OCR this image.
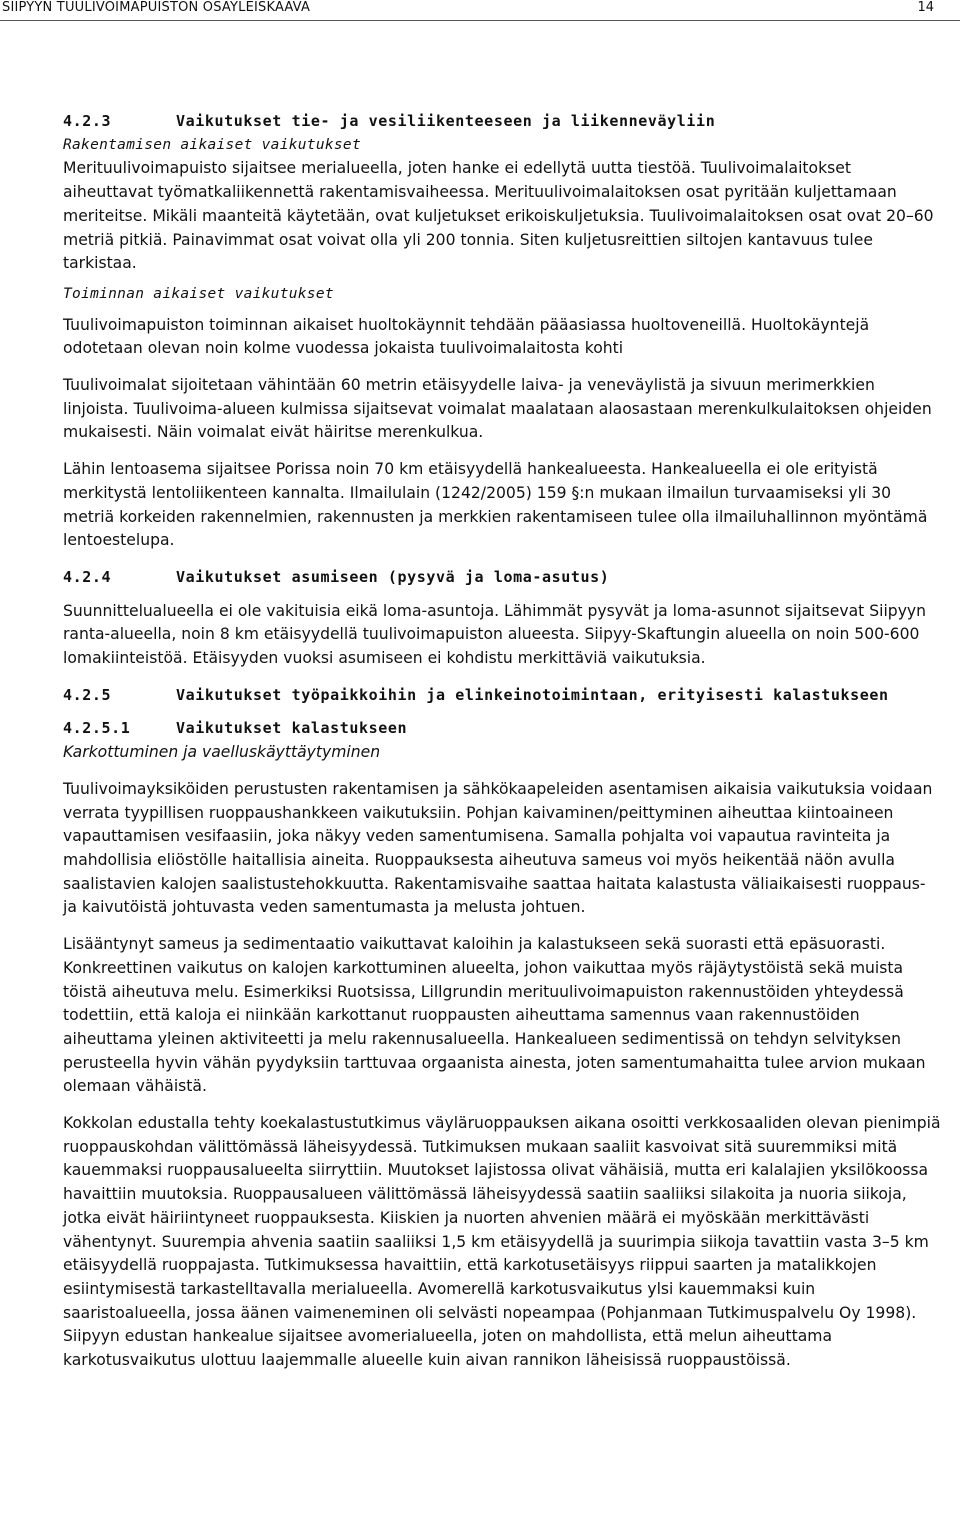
SIIPYYN TUULIVOIMAPUISTON OSAYLEISKAAVA	14
4.2.3	Vaikutukset tie- ja vesiliikenteeseen ja liikenneväyliin
Rakentamisen aikaiset vaikutukset

Merituulivoimapuisto sijaitsee merialueella, joten hanke ei edellytä uutta tiestöä. Tuulivoimalaitokset aiheuttavat työmatkaliikennettä rakentamisvaiheessa. Merituulivoimalaitoksen osat pyritään kuljettamaan meriteitse. Mikäli maanteitä käytetään, ovat kuljetukset erikoiskuljetuksia. Tuulivoimalaitoksen osat ovat 20–60 metriä pitkiä. Painavimmat osat voivat olla yli 200 tonnia. Siten kuljetusreittien siltojen kantavuus tulee tarkistaa.

Toiminnan aikaiset vaikutukset

Tuulivoimapuiston toiminnan aikaiset huoltokäynnit tehdään pääasiassa huoltoveneillä. Huoltokäyntejä odotetaan olevan noin kolme vuodessa jokaista tuulivoimalaitosta kohti

Tuulivoimalat sijoitetaan vähintään 60 metrin etäisyydelle laiva- ja veneväylistä ja sivuun merimerkkien linjoista. Tuulivoima-alueen kulmissa sijaitsevat voimalat maalataan alaosastaan merenkulkulaitoksen ohjeiden mukaisesti. Näin voimalat eivät häiritse merenkulkua.

Lähin lentoasema sijaitsee Porissa noin 70 km etäisyydellä hankealueesta. Hankealueella ei ole erityistä merkitystä lentoliikenteen kannalta. Ilmailulain (1242/2005) 159 §:n mukaan ilmailun turvaamiseksi yli 30 metriä korkeiden rakennelmien, rakennusten ja merkkien rakentamiseen tulee olla ilmailuhallinnon myöntämä lentoestelupa.

4.2.4	Vaikutukset asumiseen (pysyvä ja loma-asutus)

Suunnittelualueella ei ole vakituisia eikä loma-asuntoja. Lähimmät pysyvät ja loma-asunnot sijaitsevat Siipyyn ranta-alueella, noin 8 km etäisyydellä tuulivoimapuiston alueesta. Siipyy-Skaftungin alueella on noin 500-600 lomakiinteistöä. Etäisyyden vuoksi asumiseen ei kohdistu merkittäviä vaikutuksia.

4.2.5	Vaikutukset työpaikkoihin ja elinkeinotoimintaan, erityisesti kalastukseen
4.2.5.1	Vaikutukset kalastukseen
Karkottuminen ja vaelluskäyttäytyminen

Tuulivoimayksiköiden perustusten rakentamisen ja sähkökaapeleiden asentamisen aikaisia vaikutuksia voidaan verrata tyypillisen ruoppaushankkeen vaikutuksiin. Pohjan kaivaminen/peittyminen aiheuttaa kiintoaineen vapauttamisen vesifaasiin, joka näkyy veden samentumisena. Samalla pohjalta voi vapautua ravinteita ja mahdollisia eliöstölle haitallisia aineita. Ruoppauksesta aiheutuva sameus voi myös heikentää näön avulla saalistavien kalojen saalistustehokkuutta. Rakentamisvaihe saattaa haitata kalastusta väliaikaisesti ruoppaus- ja kaivutöistä johtuvasta veden samentumasta ja melusta johtuen.

Lisääntynyt sameus ja sedimentaatio vaikuttavat kaloihin ja kalastukseen sekä suorasti että epäsuorasti. Konkreettinen vaikutus on kalojen karkottuminen alueelta, johon vaikuttaa myös räjäytystöistä sekä muista töistä aiheutuva melu. Esimerkiksi Ruotsissa, Lillgrundin merituulivoimapuiston rakennustöiden yhteydessä todettiin, että kaloja ei niinkään karkottanut ruoppausten aiheuttama samennus vaan rakennustöiden aiheuttama yleinen aktiviteetti ja melu rakennusalueella. Hankealueen sedimentissä on tehdyn selvityksen perusteella hyvin vähän pyydyksiin tarttuvaa orgaanista ainesta, joten samentumahaitta tulee arvion mukaan olemaan vähäistä.

Kokkolan edustalla tehty koekalastustutkimus väyläruoppauksen aikana osoitti verkkosaaliden olevan pienimpiä ruoppauskohdan välittömässä läheisyydessä. Tutkimuksen mukaan saaliit kasvoivat sitä suuremmiksi mitä kauemmaksi ruoppausalueelta siirryttiin. Muutokset lajistossa olivat vähäisiä, mutta eri kalalajien yksilökoossa havaittiin muutoksia. Ruoppausalueen välittömässä läheisyydessä saatiin saaliiksi silakoita ja nuoria siikoja, jotka eivät häiriintyneet ruoppauksesta. Kiiskien ja nuorten ahvenien määrä ei myöskään merkittävästi vähentynyt. Suurempia ahvenia saatiin saaliiksi 1,5 km etäisyydellä ja suurimpia siikoja tavattiin vasta 3–5 km etäisyydellä ruoppajasta. Tutkimuksessa havaittiin, että karkotusetäisyys riippui saarten ja matalikkojen esiintymisestä tarkastelltavalla merialueella. Avomerellä karkotusvaikutus ylsi kauemmaksi kuin saaristoalueella, jossa äänen vaimeneminen oli selvästi nopeampaa (Pohjanmaan Tutkimuspalvelu Oy 1998). Siipyyn edustan hankealue sijaitsee avomerialueella, joten on mahdollista, että melun aiheuttama karkotusvaikutus ulottuu laajemmalle alueelle kuin aivan rannikon läheisissä ruoppaustöissä.
